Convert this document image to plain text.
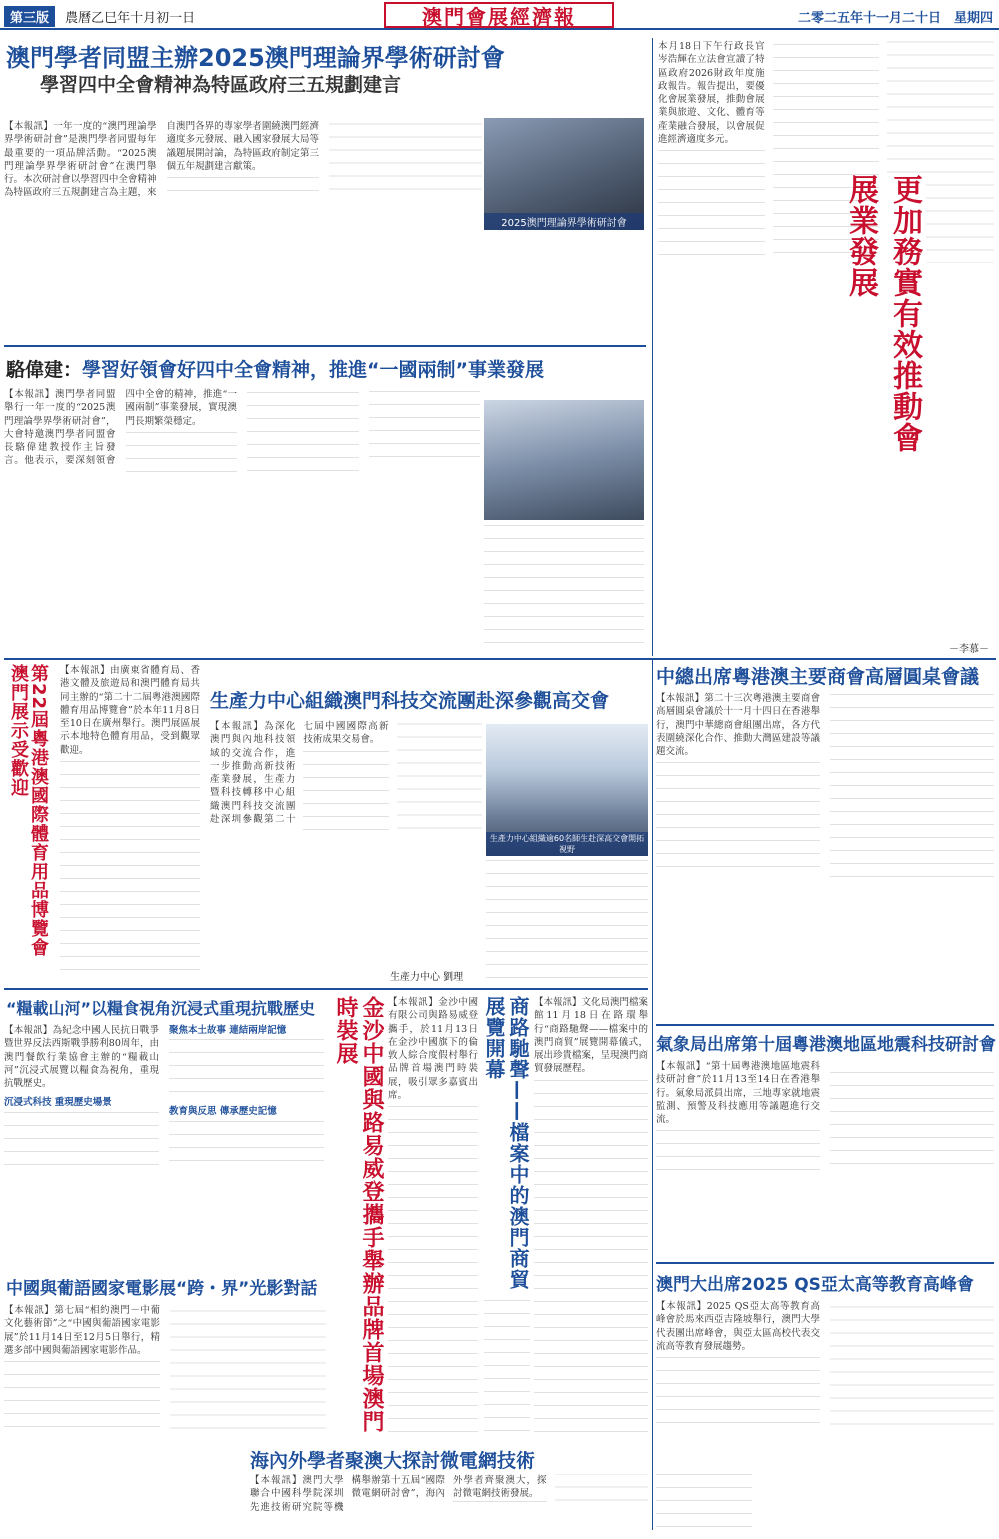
第三版 農曆乙巳年十月初一日	澳門會展經濟報	二零二五年十一月二十日　星期四
澳門學者同盟主辦2025澳門理論界學術研討會
學習四中全會精神為特區政府三五規劃建言
【本報訊】一年一度的“澳門理論學界學術研討會”是澳門學者同盟每年最重要的一項品牌活動。“2025澳門理論學界學術研討會”在澳門舉行。本次研討會以學習四中全會精神為特區政府三五規劃建言為主題，來自澳門各界的專家學者圍繞澳門經濟適度多元發展、融入國家發展大局等議題展開討論，為特區政府制定第三個五年規劃建言獻策。
2025澳門理論界學術研討會
駱偉建：學習好領會好四中全會精神，推進“一國兩制”事業發展
【本報訊】澳門學者同盟舉行一年一度的“2025澳門理論學界學術研討會”，大會特邀澳門學者同盟會長駱偉建教授作主旨發言。他表示，要深刻領會四中全會的精神，推進“一國兩制”事業發展，實現澳門長期繁榮穩定。
本月18日下午行政長官岑浩輝在立法會宣讀了特區政府2026財政年度施政報告。報告提出，要優化會展業發展，推動會展業與旅遊、文化、體育等產業融合發展，以會展促進經濟適度多元。
更加務實有效推動會展業發展
－李慕－
中總出席粵港澳主要商會高層圓桌會議
【本報訊】第二十三次粵港澳主要商會高層圓桌會議於十一月十四日在香港舉行，澳門中華總商會組團出席，各方代表圍繞深化合作、推動大灣區建設等議題交流。
第22屆粵港澳國際體育用品博覽會澳門展示受歡迎	【本報訊】由廣東省體育局、香港文體及旅遊局和澳門體育局共同主辦的“第二十二屆粵港澳國際體育用品博覽會”於本年11月8日至10日在廣州舉行。澳門展區展示本地特色體育用品，受到觀眾歡迎。
生產力中心組織澳門科技交流團赴深參觀高交會
生產力中心組織逾60名師生赴深高交會開拓視野
【本報訊】為深化澳門與內地科技領域的交流合作，進一步推動高新技術產業發展，生產力暨科技轉移中心組織澳門科技交流團赴深圳參觀第二十七屆中國國際高新技術成果交易會。
生產力中心 劉理
“糧載山河”以糧食視角沉浸式重現抗戰歷史
【本報訊】為紀念中國人民抗日戰爭暨世界反法西斯戰爭勝利80周年，由澳門餐飲行業協會主辦的“糧載山河”沉浸式展覽以糧食為視角，重現抗戰歷史。
沉浸式科技 重現歷史場景
聚焦本土故事 連結兩岸記憶
教育與反思 傳承歷史記憶
中國與葡語國家電影展“跨・界”光影對話
【本報訊】第七屆“相約澳門－中葡文化藝術節”之“中國與葡語國家電影展”於11月14日至12月5日舉行，精選多部中國與葡語國家電影作品。	金沙中國與路易威登攜手舉辦品牌首場澳門時裝展	【本報訊】金沙中國有限公司與路易威登攜手，於11月13日在金沙中國旗下的倫敦人綜合度假村舉行品牌首場澳門時裝展，吸引眾多嘉賓出席。	商路馳聲——檔案中的澳門商貿展覽開幕	【本報訊】文化局澳門檔案館11月18日在路環舉行“商路馳聲——檔案中的澳門商貿”展覽開幕儀式，展出珍貴檔案，呈現澳門商貿發展歷程。
海內外學者聚澳大探討微電網技術
【本報訊】澳門大學聯合中國科學院深圳先進技術研究院等機構舉辦第十五屆“國際微電網研討會”，海內外學者齊聚澳大，探討微電網技術發展。
氣象局出席第十屆粵港澳地區地震科技研討會
【本報訊】“第十屆粵港澳地區地震科技研討會”於11月13至14日在香港舉行。氣象局派員出席，三地專家就地震監測、預警及科技應用等議題進行交流。
澳門大出席2025 QS亞太高等教育高峰會
【本報訊】2025 QS亞太高等教育高峰會於馬來西亞吉隆坡舉行，澳門大學代表團出席峰會，與亞太區高校代表交流高等教育發展趨勢。
